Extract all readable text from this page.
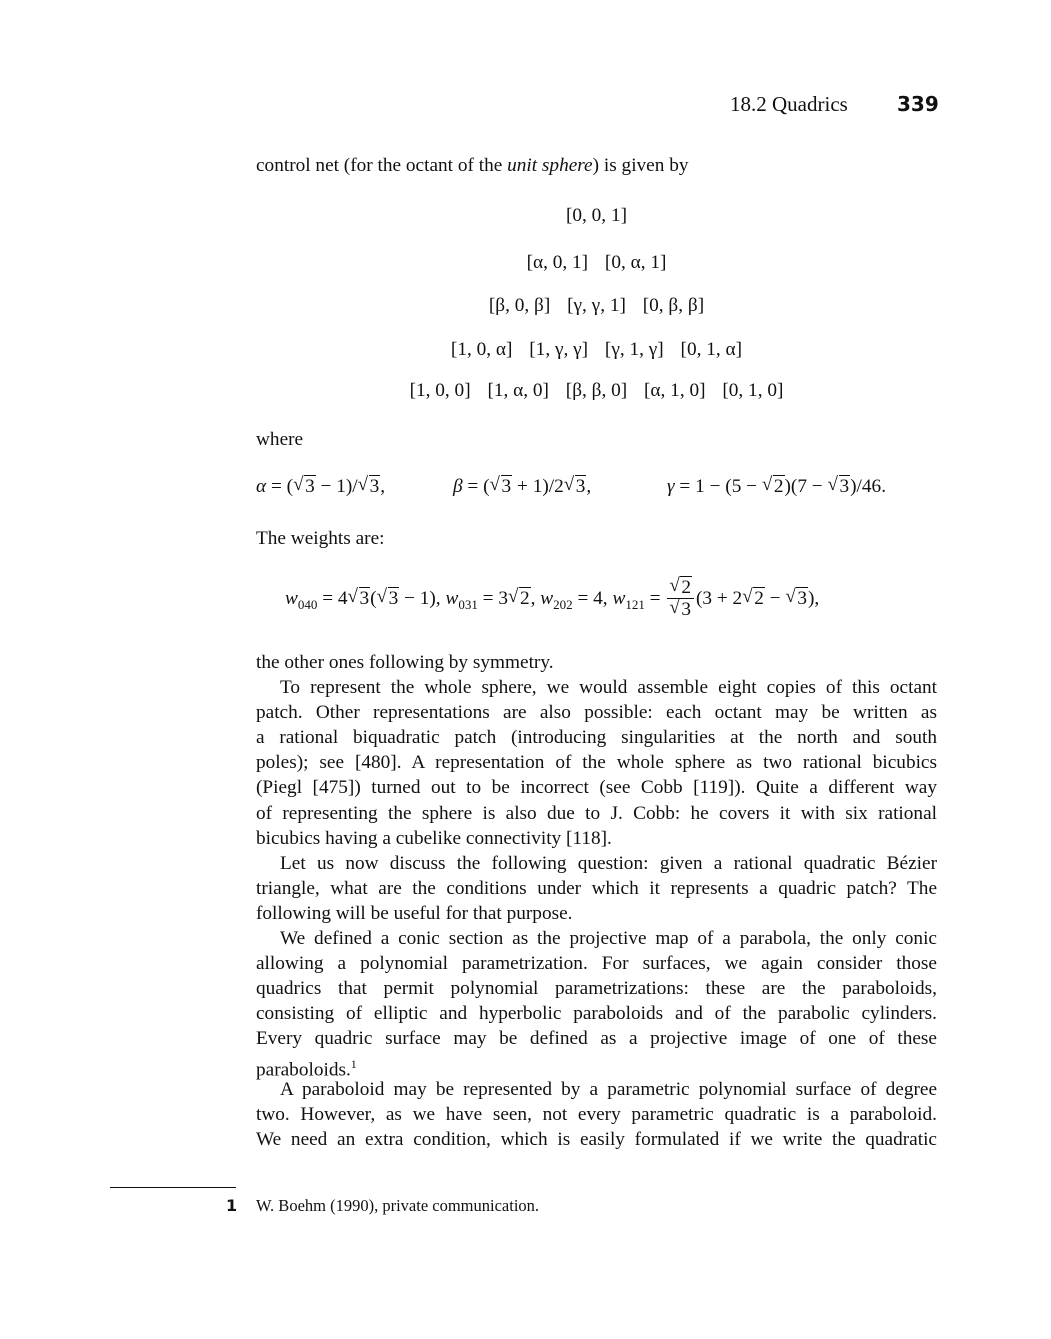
18.2 Quadrics 339
control net (for the octant of the unit sphere) is given by
[0, 0, 1]
[α, 0, 1] [0, α, 1]
[β, 0, β] [γ, γ, 1] [0, β, β]
[1, 0, α] [1, γ, γ] [γ, 1, γ] [0, 1, α]
[1, 0, 0] [1, α, 0] [β, β, 0] [α, 1, 0] [0, 1, 0]
where
α = (√ 3 − 1)/√ 3,	β = (√ 3 + 1)/2√ 3,	γ = 1 − (5 − √ 2)(7 − √ 3)/46.
The weights are:
$w_{040} = 4√$ 3(√ 3 − 1), $w_{031} = 3√$ 2, $w_{202} = 4$, $w_{121}$ =
√ 2
√ 3 (3 + 2√ 2 − √ 3),
the other ones following by symmetry.
To represent the whole sphere, we would assemble eight copies of this octant
patch. Other representations are also possible: each octant may be written as
a rational biquadratic patch (introducing singularities at the north and south
poles); see [480]. A representation of the whole sphere as two rational bicubics
(Piegl [475]) turned out to be incorrect (see Cobb [119]). Quite a different way
of representing the sphere is also due to J. Cobb: he covers it with six rational
bicubics having a cubelike connectivity [118].
Let us now discuss the following question: given a rational quadratic Bézier
triangle, what are the conditions under which it represents a quadric patch? The
following will be useful for that purpose.
We defined a conic section as the projective map of a parabola, the only conic
allowing a polynomial parametrization. For surfaces, we again consider those
quadrics that permit polynomial parametrizations: these are the paraboloids,
consisting of elliptic and hyperbolic paraboloids and of the parabolic cylinders.
Every quadric surface may be defined as a projective image of one of these
paraboloids.$^1$
A paraboloid may be represented by a parametric polynomial surface of degree
two. However, as we have seen, not every parametric quadratic is a paraboloid.
We need an extra condition, which is easily formulated if we write the quadratic
1 W. Boehm (1990), private communication.
